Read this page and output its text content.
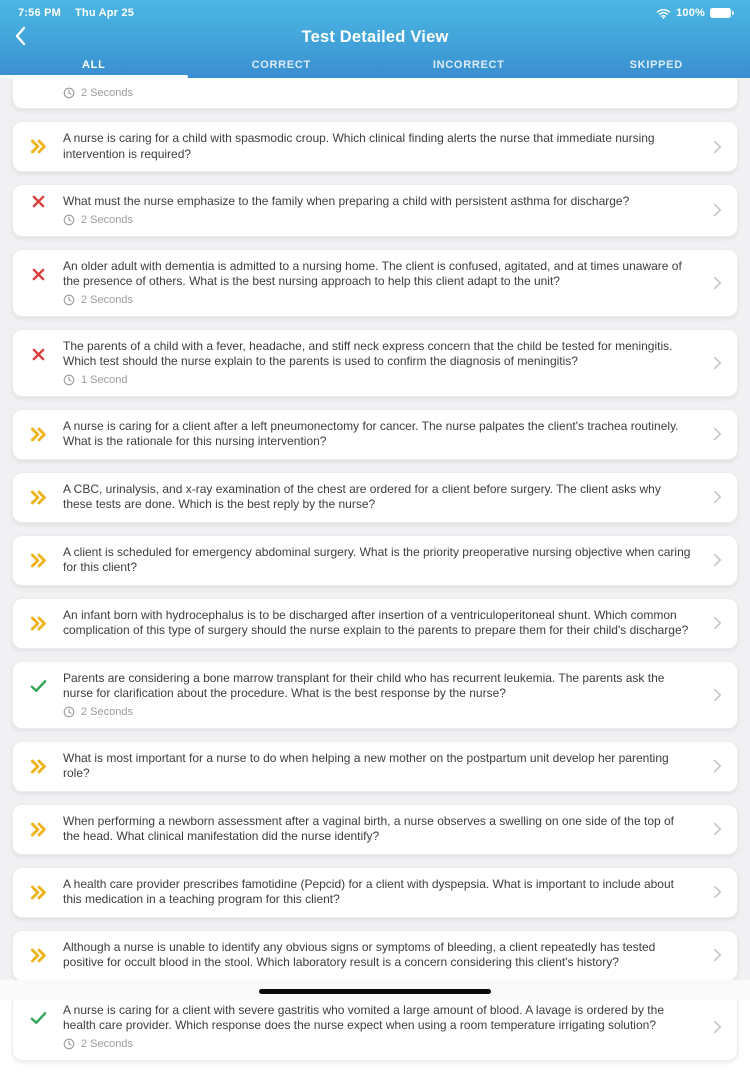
7:56 PM Thu Apr 25	100%
Test Detailed View
ALL	CORRECT	INCORRECT	SKIPPED
2 Seconds
A nurse is caring for a child with spasmodic croup. Which clinical finding alerts the nurse that immediate nursing intervention is required?
What must the nurse emphasize to the family when preparing a child with persistent asthma for discharge?
2 Seconds
An older adult with dementia is admitted to a nursing home. The client is confused, agitated, and at times unaware of the presence of others. What is the best nursing approach to help this client adapt to the unit?
2 Seconds
The parents of a child with a fever, headache, and stiff neck express concern that the child be tested for meningitis. Which test should the nurse explain to the parents is used to confirm the diagnosis of meningitis?
1 Second
A nurse is caring for a client after a left pneumonectomy for cancer. The nurse palpates the client's trachea routinely. What is the rationale for this nursing intervention?
A CBC, urinalysis, and x-ray examination of the chest are ordered for a client before surgery. The client asks why these tests are done. Which is the best reply by the nurse?
A client is scheduled for emergency abdominal surgery. What is the priority preoperative nursing objective when caring for this client?
An infant born with hydrocephalus is to be discharged after insertion of a ventriculoperitoneal shunt. Which common complication of this type of surgery should the nurse explain to the parents to prepare them for their child's discharge?
Parents are considering a bone marrow transplant for their child who has recurrent leukemia. The parents ask the nurse for clarification about the procedure. What is the best response by the nurse?
2 Seconds
What is most important for a nurse to do when helping a new mother on the postpartum unit develop her parenting role?
When performing a newborn assessment after a vaginal birth, a nurse observes a swelling on one side of the top of the head. What clinical manifestation did the nurse identify?
A health care provider prescribes famotidine (Pepcid) for a client with dyspepsia. What is important to include about this medication in a teaching program for this client?
Although a nurse is unable to identify any obvious signs or symptoms of bleeding, a client repeatedly has tested positive for occult blood in the stool. Which laboratory result is a concern considering this client's history?
A nurse is caring for a client with severe gastritis who vomited a large amount of blood. A lavage is ordered by the health care provider. Which response does the nurse expect when using a room temperature irrigating solution?
2 Seconds
